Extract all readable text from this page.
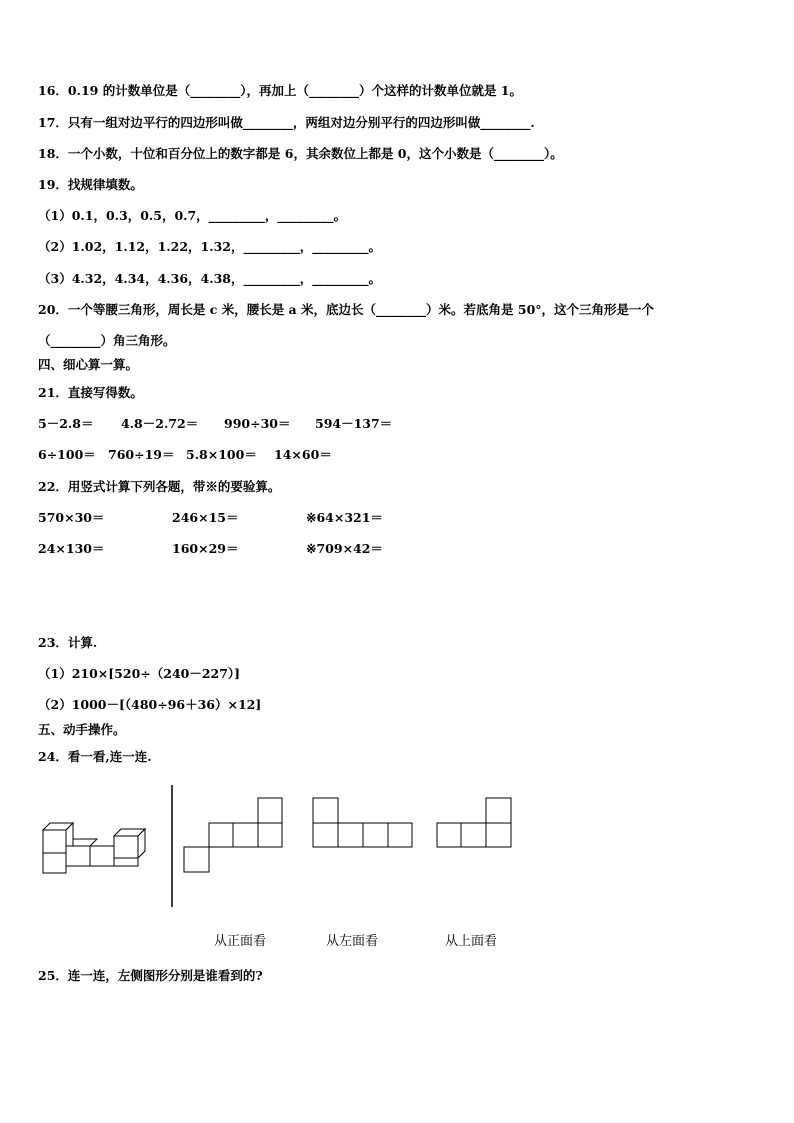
16．0.19 的计数单位是（________），再加上（________）个这样的计数单位就是 1。
17．只有一组对边平行的四边形叫做________，两组对边分别平行的四边形叫做________.
18．一个小数，十位和百分位上的数字都是 6，其余数位上都是 0，这个小数是（________）。
19．找规律填数。
（1）0.1，0.3，0.5，0.7，_________，_________。
（2）1.02，1.12，1.22，1.32，_________，_________。
（3）4.32，4.34，4.36，4.38，_________，_________。
20．一个等腰三角形，周长是 c 米，腰长是 a 米，底边长（________）米。若底角是 50°，这个三角形是一个
（________）角三角形。
四、细心算一算。
21．直接写得数。
5－2.8＝ 4.8－2.72＝ 990÷30＝ 594－137＝
6÷100＝ 760÷19＝ 5.8×100＝ 14×60＝
22．用竖式计算下列各题，带※的要验算。
570×30＝	246×15＝	※64×321＝
24×130＝	160×29＝	※709×42＝
23．计算.
（1）210×[520÷（240－227）]
（2）1000－[（480÷96＋36）×12]
五、动手操作。
24．看一看,连一连.
从正面看	从左面看	从上面看
25．连一连，左侧图形分别是谁看到的?
